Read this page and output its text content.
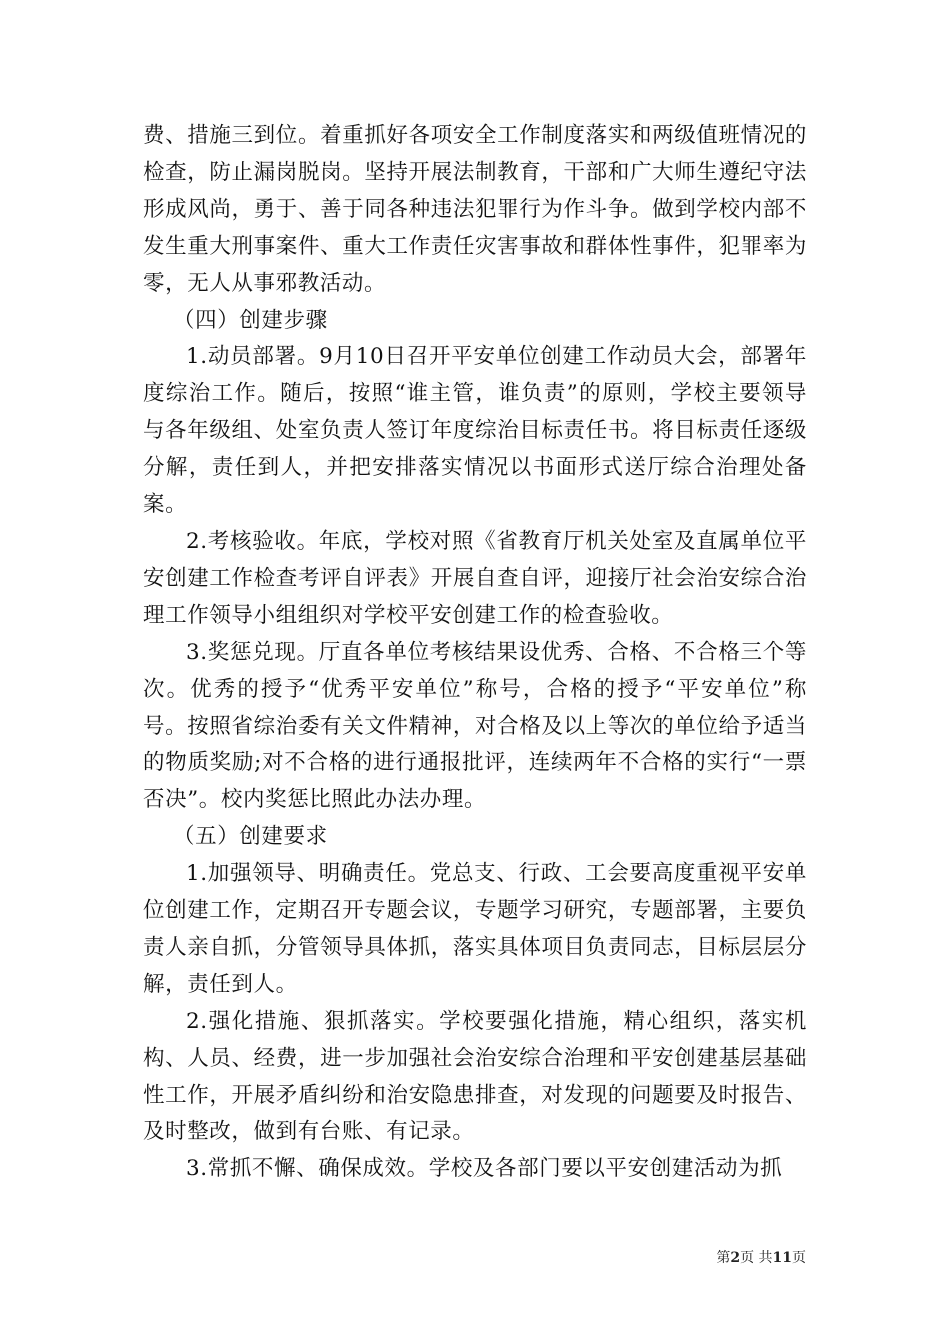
费、措施三到位。着重抓好各项安全工作制度落实和两级值班情况的检查，防止漏岗脱岗。坚持开展法制教育，干部和广大师生遵纪守法形成风尚，勇于、善于同各种违法犯罪行为作斗争。做到学校内部不发生重大刑事案件、重大工作责任灾害事故和群体性事件，犯罪率为零，无人从事邪教活动。

（四）创建步骤

1.动员部署。9月10日召开平安单位创建工作动员大会，部署年度综治工作。随后，按照“谁主管，谁负责”的原则，学校主要领导与各年级组、处室负责人签订年度综治目标责任书。将目标责任逐级分解，责任到人，并把安排落实情况以书面形式送厅综合治理处备案。

2.考核验收。年底，学校对照《省教育厅机关处室及直属单位平安创建工作检查考评自评表》开展自查自评，迎接厅社会治安综合治理工作领导小组组织对学校平安创建工作的检查验收。

3.奖惩兑现。厅直各单位考核结果设优秀、合格、不合格三个等次。优秀的授予“优秀平安单位”称号，合格的授予“平安单位”称号。按照省综治委有关文件精神，对合格及以上等次的单位给予适当的物质奖励;对不合格的进行通报批评，连续两年不合格的实行“一票否决”。校内奖惩比照此办法办理。

（五）创建要求

1.加强领导、明确责任。党总支、行政、工会要高度重视平安单位创建工作，定期召开专题会议，专题学习研究，专题部署，主要负责人亲自抓，分管领导具体抓，落实具体项目负责同志，目标层层分解，责任到人。

2.强化措施、狠抓落实。学校要强化措施，精心组织，落实机构、人员、经费，进一步加强社会治安综合治理和平安创建基层基础性工作，开展矛盾纠纷和治安隐患排查，对发现的问题要及时报告、及时整改，做到有台账、有记录。

3.常抓不懈、确保成效。学校及各部门要以平安创建活动为抓

第2页 共11页
